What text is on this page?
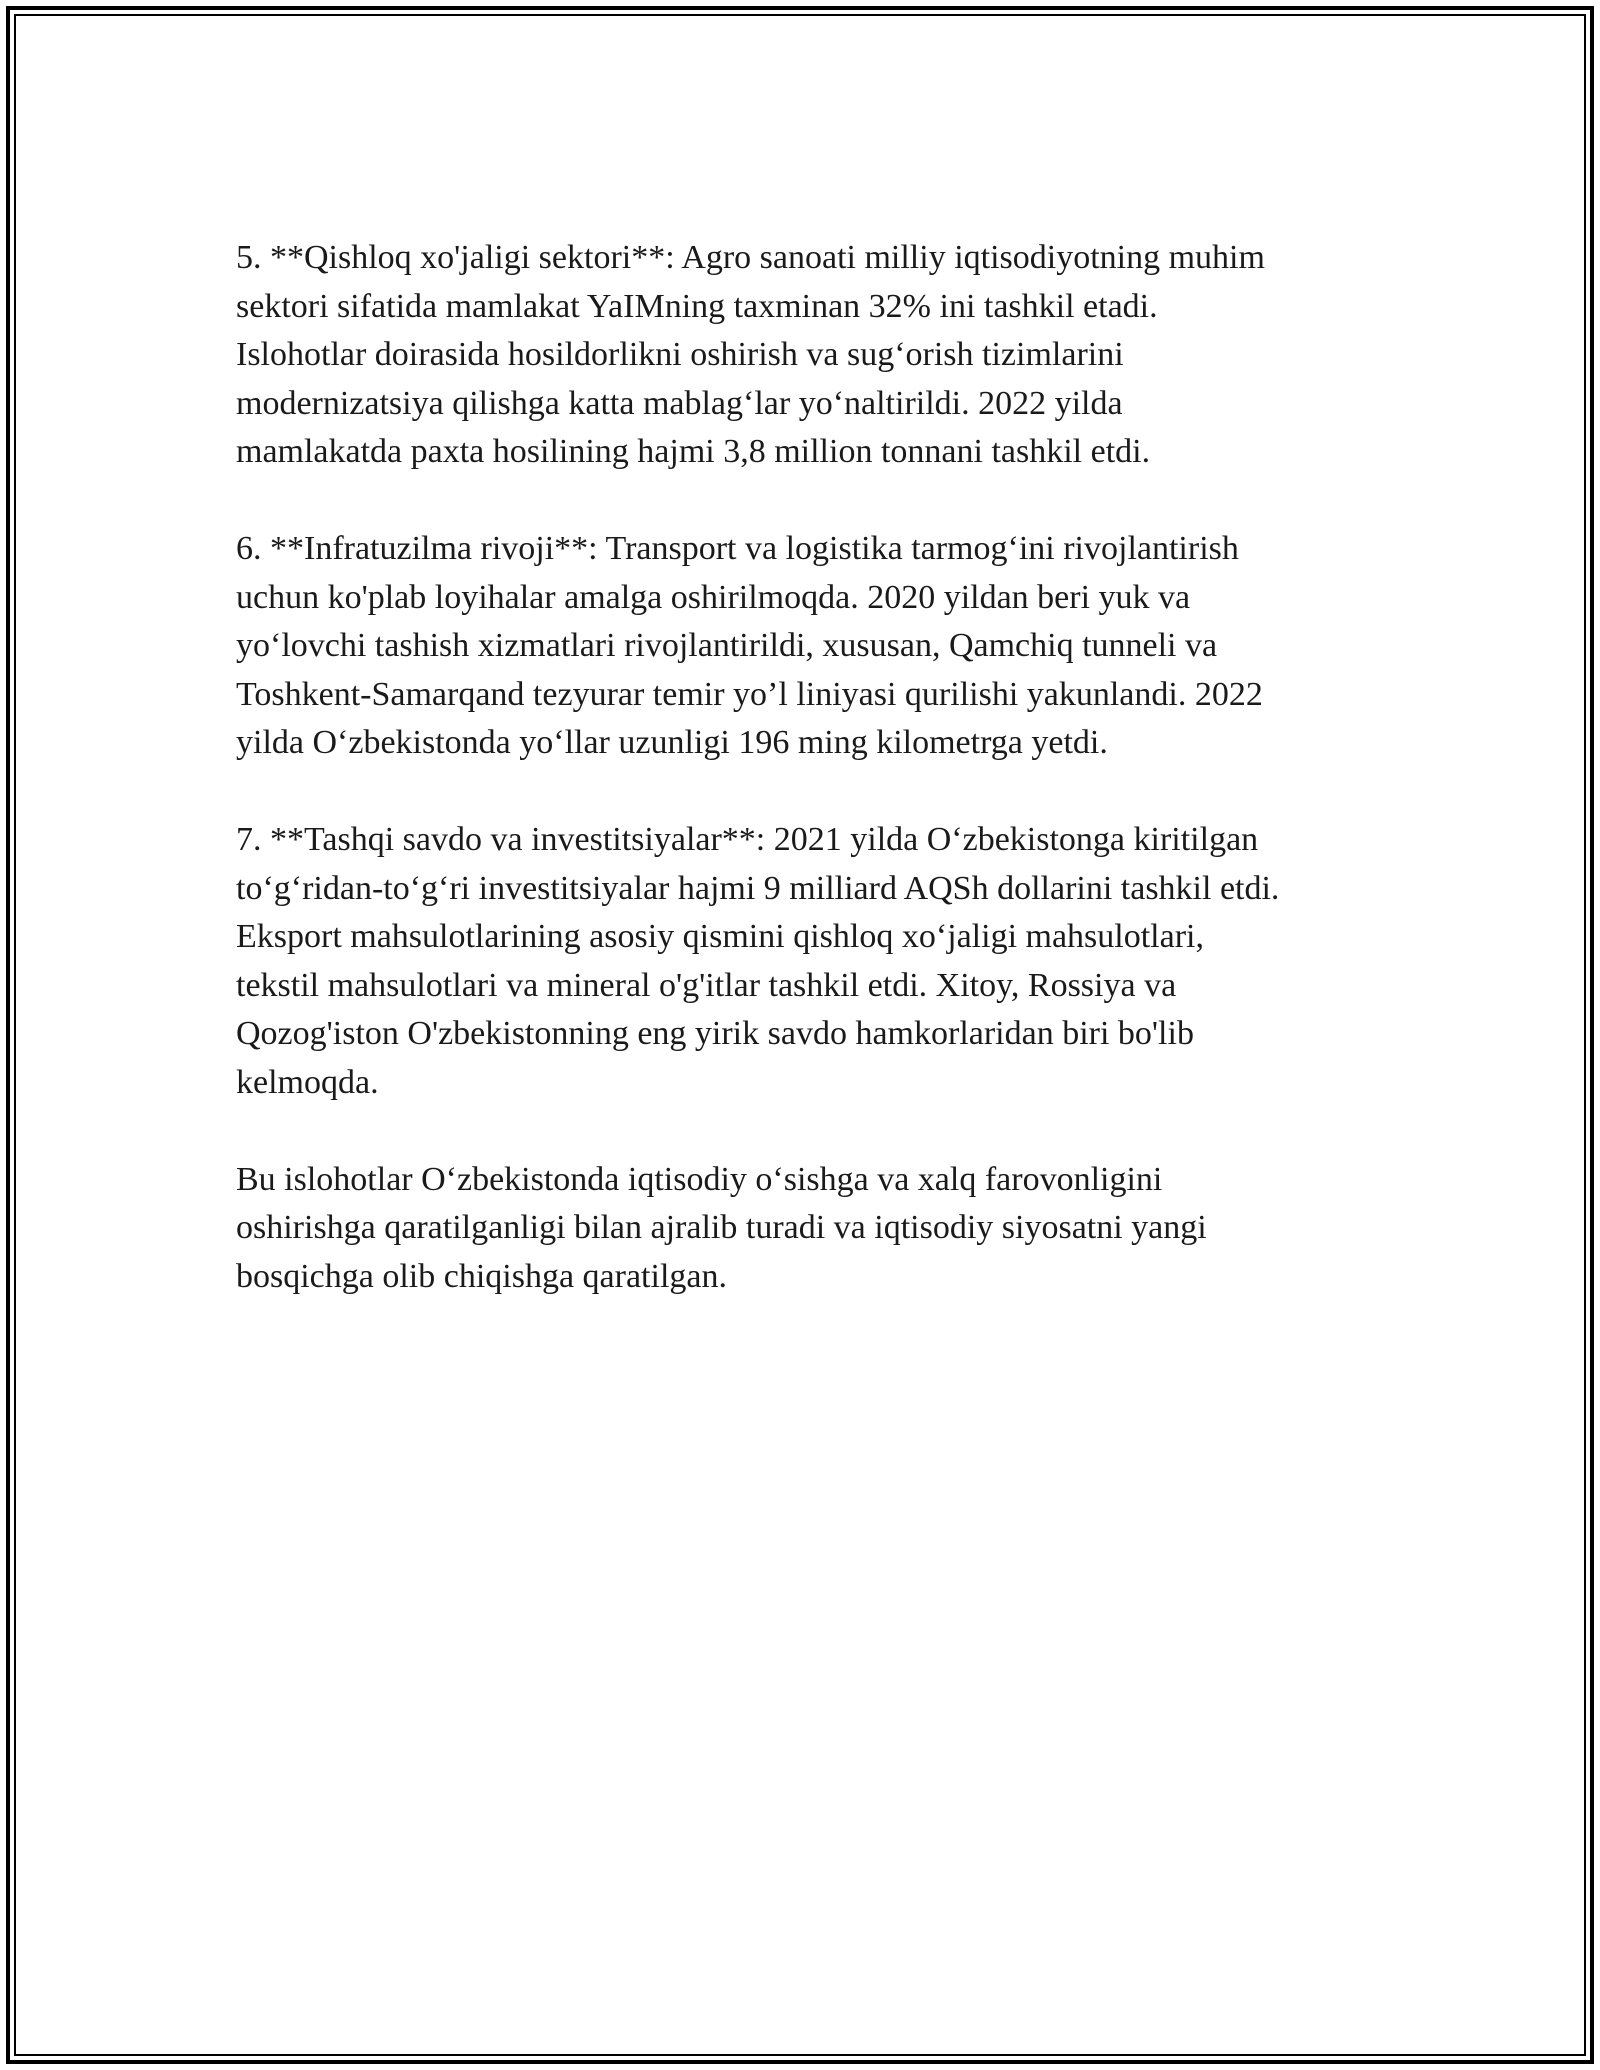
5. **Qishloq xo'jaligi sektori**: Agro sanoati milliy iqtisodiyotning muhim
sektori sifatida mamlakat YaIMning taxminan 32% ini tashkil etadi.
Islohotlar doirasida hosildorlikni oshirish va sug‘orish tizimlarini
modernizatsiya qilishga katta mablag‘lar yo‘naltirildi. 2022 yilda
mamlakatda paxta hosilining hajmi 3,8 million tonnani tashkil etdi.

6. **Infratuzilma rivoji**: Transport va logistika tarmog‘ini rivojlantirish
uchun ko'plab loyihalar amalga oshirilmoqda. 2020 yildan beri yuk va
yo‘lovchi tashish xizmatlari rivojlantirildi, xususan, Qamchiq tunneli va
Toshkent-Samarqand tezyurar temir yo’l liniyasi qurilishi yakunlandi. 2022
yilda O‘zbekistonda yo‘llar uzunligi 196 ming kilometrga yetdi.

7. **Tashqi savdo va investitsiyalar**: 2021 yilda O‘zbekistonga kiritilgan
to‘g‘ridan-to‘g‘ri investitsiyalar hajmi 9 milliard AQSh dollarini tashkil etdi.
Eksport mahsulotlarining asosiy qismini qishloq xo‘jaligi mahsulotlari,
tekstil mahsulotlari va mineral o'g'itlar tashkil etdi. Xitoy, Rossiya va
Qozog'iston O'zbekistonning eng yirik savdo hamkorlaridan biri bo'lib
kelmoqda.

Bu islohotlar O‘zbekistonda iqtisodiy o‘sishga va xalq farovonligini
oshirishga qaratilganligi bilan ajralib turadi va iqtisodiy siyosatni yangi
bosqichga olib chiqishga qaratilgan.
